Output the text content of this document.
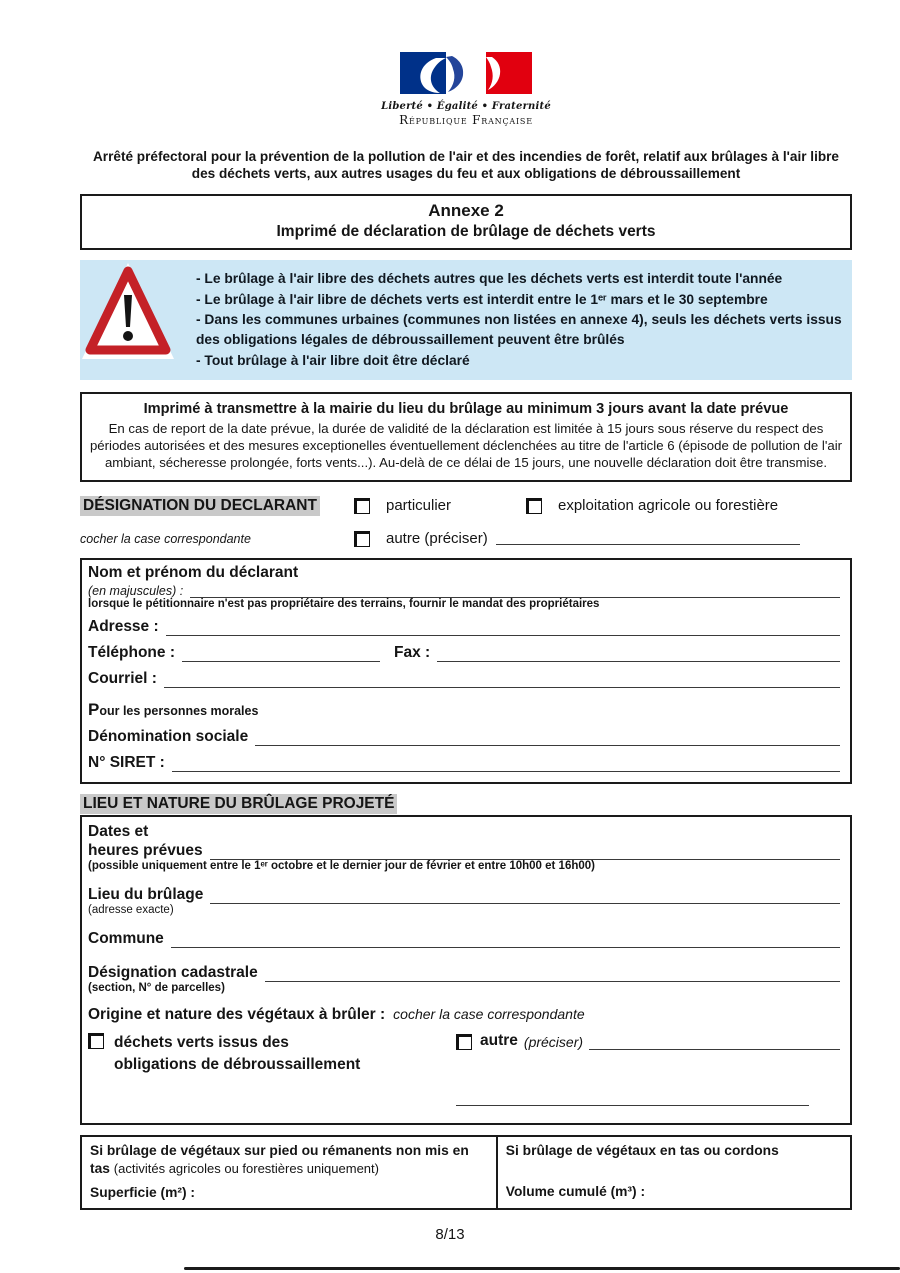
Liberté • Égalité • Fraternité
République Française

Arrêté préfectoral pour la prévention de la pollution de l'air et des incendies de forêt, relatif aux brûlages à l'air libre des déchets verts, aux autres usages du feu et aux obligations de débroussaillement

Annexe 2
Imprimé de déclaration de brûlage de déchets verts
- Le brûlage à l'air libre des déchets autres que les déchets verts est interdit toute l'année
- Le brûlage à l'air libre de déchets verts est interdit entre le 1ᵉʳ mars et le 30 septembre
- Dans les communes urbaines (communes non listées en annexe 4), seuls les déchets verts issus des obligations légales de débroussaillement peuvent être brûlés
- Tout brûlage à l'air libre doit être déclaré

Imprimé à transmettre à la mairie du lieu du brûlage au minimum 3 jours avant la date prévue

En cas de report de la date prévue, la durée de validité de la déclaration est limitée à 15 jours sous réserve du respect des périodes autorisées et des mesures exceptionelles éventuellement déclenchées au titre de l'article 6 (épisode de pollution de l'air ambiant, sécheresse prolongée, forts vents...). Au-delà de ce délai de 15 jours, une nouvelle déclaration doit être transmise.

DÉSIGNATION DU DECLARANT	particulier	exploitation agricole ou forestière
cocher la case correspondante	autre (préciser)
Nom et prénom du déclarant
(en majuscules) :
lorsque le pétitionnaire n'est pas propriétaire des terrains, fournir le mandat des propriétaires
Adresse :
Téléphone :	Fax :
Courriel :
Pour les personnes morales
Dénomination sociale
N° SIRET :
LIEU ET NATURE DU BRÛLAGE PROJETÉ
Dates et
heures prévues
(possible uniquement entre le 1ᵉʳ octobre et le dernier jour de février et entre 10h00 et 16h00)
Lieu du brûlage
(adresse exacte)
Commune
Désignation cadastrale
(section, N° de parcelles)
Origine et nature des végétaux à brûler : cocher la case correspondante
déchets verts issus des
obligations de débroussaillement
autre (préciser)
Si brûlage de végétaux sur pied ou rémanents non mis en tas (activités agricoles ou forestières uniquement)
Superficie (m²) :

Si brûlage de végétaux en tas ou cordons
Volume cumulé (m³) :
8/13
